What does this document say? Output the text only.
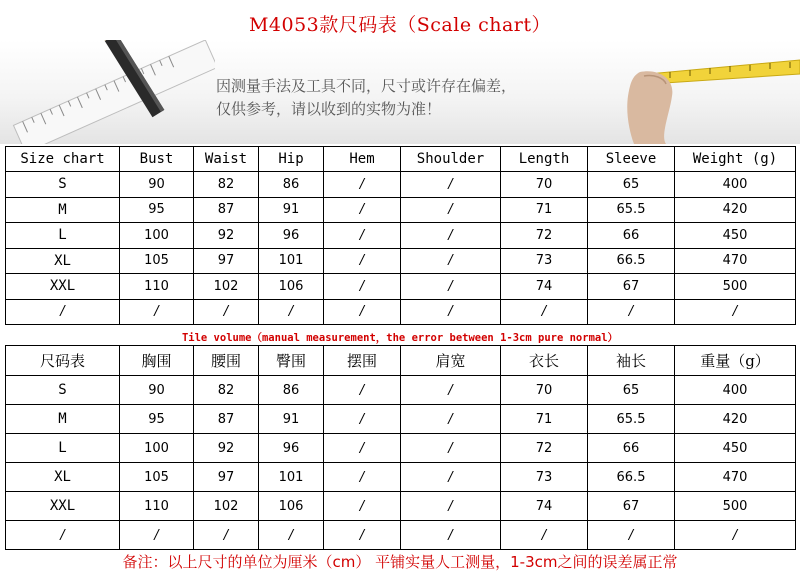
M4053款尺码表（Scale chart）
因测量手法及工具不同，尺寸或许存在偏差，
仅供参考，请以收到的实物为准！
Size chart	Bust	Waist	Hip	Hem	Shoulder	Length	Sleeve	Weight (g)
S	90	82	86	/	/	70	65	400
M	95	87	91	/	/	71	65.5	420
L	100	92	96	/	/	72	66	450
XL	105	97	101	/	/	73	66.5	470
XXL	110	102	106	/	/	74	67	500
/	/	/	/	/	/	/	/	/
Tile volume（manual measurement，the error between 1-3cm pure normal）
尺码表	胸围	腰围	臀围	摆围	肩宽	衣长	袖长	重量（g）
S	90	82	86	/	/	70	65	400
M	95	87	91	/	/	71	65.5	420
L	100	92	96	/	/	72	66	450
XL	105	97	101	/	/	73	66.5	470
XXL	110	102	106	/	/	74	67	500
/	/	/	/	/	/	/	/	/
备注：以上尺寸的单位为厘米（cm） 平铺实量人工测量，1-3cm之间的误差属正常
